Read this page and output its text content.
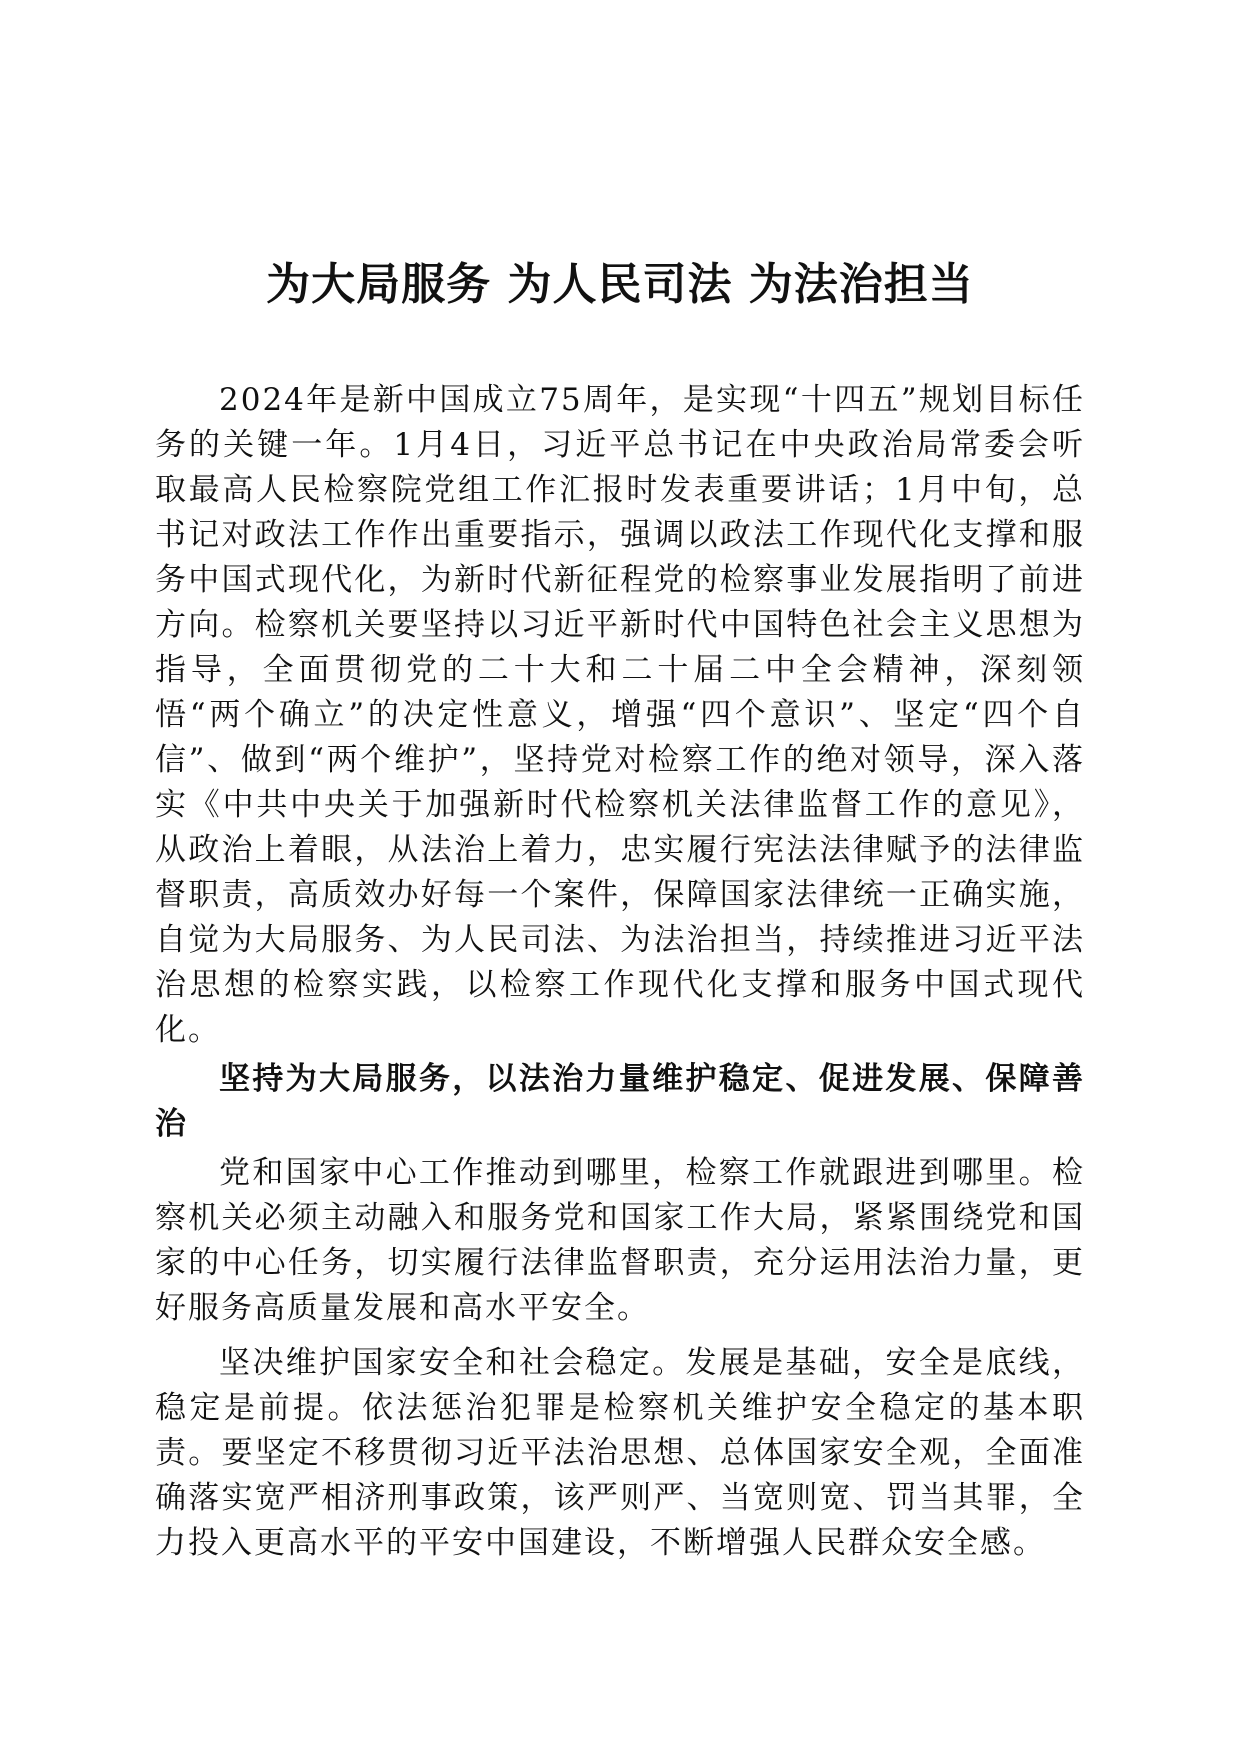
为大局服务 为人民司法 为法治担当

2024年是新中国成立75周年，是实现“十四五”规划目标任务的关键一年。1月4日，习近平总书记在中央政治局常委会听取最高人民检察院党组工作汇报时发表重要讲话；1月中旬，总书记对政法工作作出重要指示，强调以政法工作现代化支撑和服务中国式现代化，为新时代新征程党的检察事业发展指明了前进方向。检察机关要坚持以习近平新时代中国特色社会主义思想为指导，全面贯彻党的二十大和二十届二中全会精神，深刻领悟“两个确立”的决定性意义，增强“四个意识”、坚定“四个自信”、做到“两个维护”，坚持党对检察工作的绝对领导，深入落实《中共中央关于加强新时代检察机关法律监督工作的意见》，从政治上着眼，从法治上着力，忠实履行宪法法律赋予的法律监督职责，高质效办好每一个案件，保障国家法律统一正确实施，自觉为大局服务、为人民司法、为法治担当，持续推进习近平法治思想的检察实践，以检察工作现代化支撑和服务中国式现代化。

坚持为大局服务，以法治力量维护稳定、促进发展、保障善治

党和国家中心工作推动到哪里，检察工作就跟进到哪里。检察机关必须主动融入和服务党和国家工作大局，紧紧围绕党和国家的中心任务，切实履行法律监督职责，充分运用法治力量，更好服务高质量发展和高水平安全。

坚决维护国家安全和社会稳定。发展是基础，安全是底线，稳定是前提。依法惩治犯罪是检察机关维护安全稳定的基本职责。要坚定不移贯彻习近平法治思想、总体国家安全观，全面准确落实宽严相济刑事政策，该严则严、当宽则宽、罚当其罪，全力投入更高水平的平安中国建设，不断增强人民群众安全感。
